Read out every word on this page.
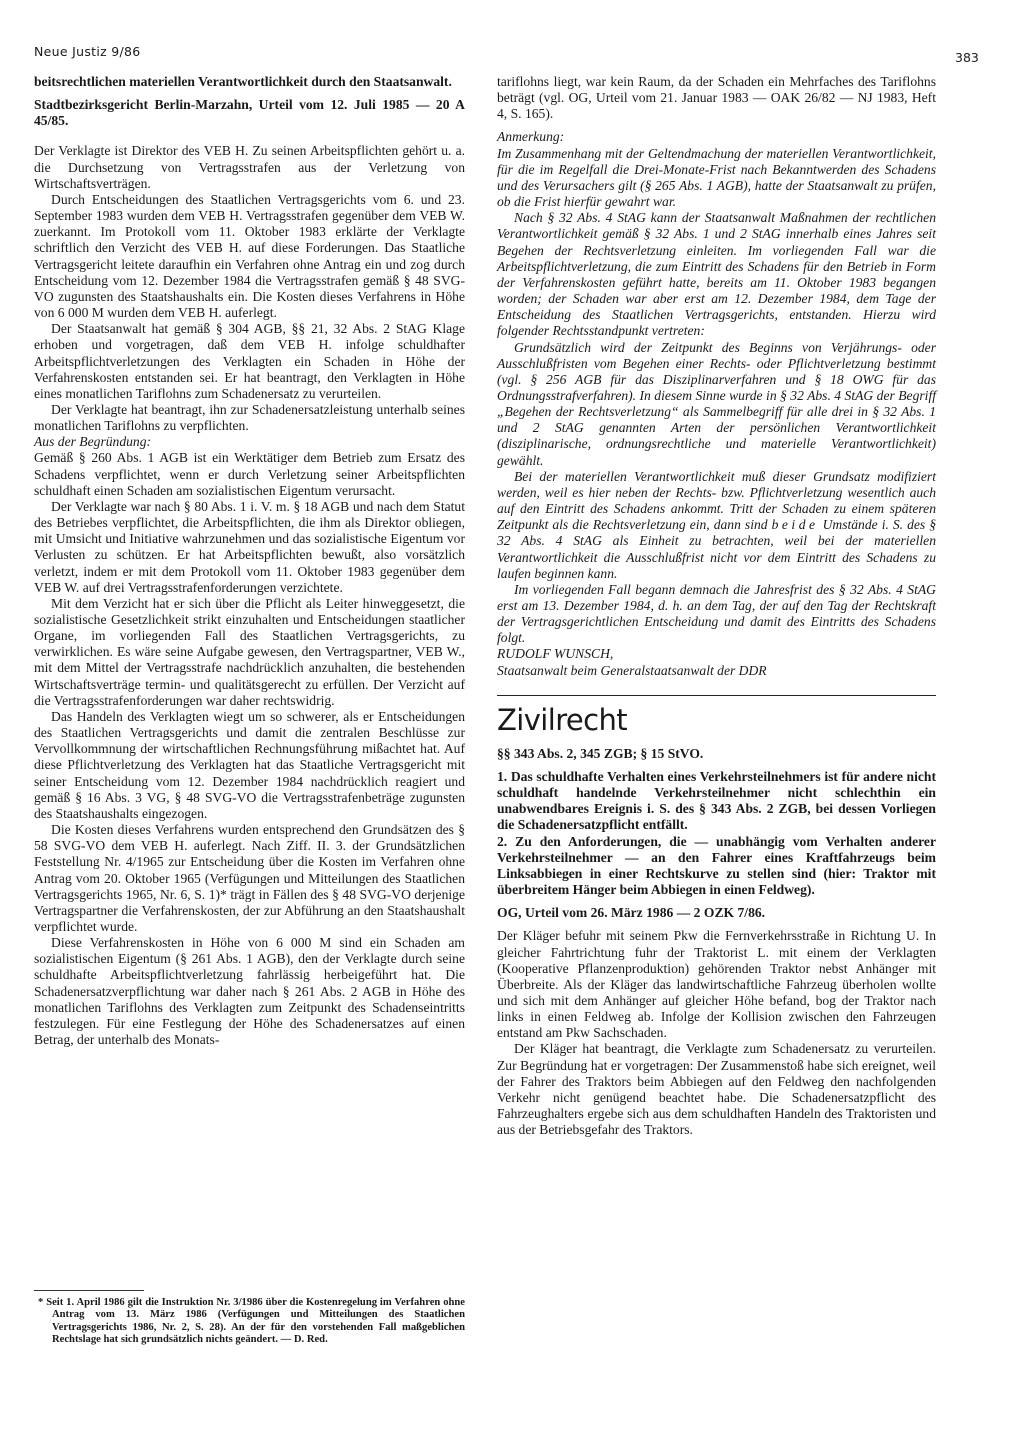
Neue Justiz 9/86	383

beitsrechtlichen materiellen Verantwortlichkeit durch den Staatsanwalt.

Stadtbezirksgericht Berlin-Marzahn, Urteil vom 12. Juli 1985 — 20 A 45/85.

Der Verklagte ist Direktor des VEB H. Zu seinen Arbeitspflichten gehört u. a. die Durchsetzung von Vertragsstrafen aus der Verletzung von Wirtschaftsverträgen.

Durch Entscheidungen des Staatlichen Vertragsgerichts vom 6. und 23. September 1983 wurden dem VEB H. Vertragsstrafen gegenüber dem VEB W. zuerkannt. Im Protokoll vom 11. Oktober 1983 erklärte der Verklagte schriftlich den Verzicht des VEB H. auf diese Forderungen. Das Staatliche Vertragsgericht leitete daraufhin ein Verfahren ohne Antrag ein und zog durch Entscheidung vom 12. Dezember 1984 die Vertragsstrafen gemäß § 48 SVG-VO zugunsten des Staatshaushalts ein. Die Kosten dieses Verfahrens in Höhe von 6 000 M wurden dem VEB H. auferlegt.

Der Staatsanwalt hat gemäß § 304 AGB, §§ 21, 32 Abs. 2 StAG Klage erhoben und vorgetragen, daß dem VEB H. infolge schuldhafter Arbeitspflichtverletzungen des Verklagten ein Schaden in Höhe der Verfahrenskosten entstanden sei. Er hat beantragt, den Verklagten in Höhe eines monatlichen Tariflohns zum Schadenersatz zu verurteilen.

Der Verklagte hat beantragt, ihn zur Schadenersatzleistung unterhalb seines monatlichen Tariflohns zu verpflichten.

Aus der Begründung:

Gemäß § 260 Abs. 1 AGB ist ein Werktätiger dem Betrieb zum Ersatz des Schadens verpflichtet, wenn er durch Verletzung seiner Arbeitspflichten schuldhaft einen Schaden am sozialistischen Eigentum verursacht.

Der Verklagte war nach § 80 Abs. 1 i. V. m. § 18 AGB und nach dem Statut des Betriebes verpflichtet, die Arbeitspflichten, die ihm als Direktor obliegen, mit Umsicht und Initiative wahrzunehmen und das sozialistische Eigentum vor Verlusten zu schützen. Er hat Arbeitspflichten bewußt, also vorsätzlich verletzt, indem er mit dem Protokoll vom 11. Oktober 1983 gegenüber dem VEB W. auf drei Vertragsstrafenforderungen verzichtete.

Mit dem Verzicht hat er sich über die Pflicht als Leiter hinweggesetzt, die sozialistische Gesetzlichkeit strikt einzuhalten und Entscheidungen staatlicher Organe, im vorliegenden Fall des Staatlichen Vertragsgerichts, zu verwirklichen. Es wäre seine Aufgabe gewesen, den Vertragspartner, VEB W., mit dem Mittel der Vertragsstrafe nachdrücklich anzuhalten, die bestehenden Wirtschaftsverträge termin- und qualitätsgerecht zu erfüllen. Der Verzicht auf die Vertragsstrafenforderungen war daher rechtswidrig.

Das Handeln des Verklagten wiegt um so schwerer, als er Entscheidungen des Staatlichen Vertragsgerichts und damit die zentralen Beschlüsse zur Vervollkommnung der wirtschaftlichen Rechnungsführung mißachtet hat. Auf diese Pflichtverletzung des Verklagten hat das Staatliche Vertragsgericht mit seiner Entscheidung vom 12. Dezember 1984 nachdrücklich reagiert und gemäß § 16 Abs. 3 VG, § 48 SVG-VO die Vertragsstrafenbeträge zugunsten des Staatshaushalts eingezogen.

Die Kosten dieses Verfahrens wurden entsprechend den Grundsätzen des § 58 SVG-VO dem VEB H. auferlegt. Nach Ziff. II. 3. der Grundsätzlichen Feststellung Nr. 4/1965 zur Entscheidung über die Kosten im Verfahren ohne Antrag vom 20. Oktober 1965 (Verfügungen und Mitteilungen des Staatlichen Vertragsgerichts 1965, Nr. 6, S. 1)* trägt in Fällen des § 48 SVG-VO derjenige Vertragspartner die Verfahrenskosten, der zur Abführung an den Staatshaushalt verpflichtet wurde.

Diese Verfahrenskosten in Höhe von 6 000 M sind ein Schaden am sozialistischen Eigentum (§ 261 Abs. 1 AGB), den der Verklagte durch seine schuldhafte Arbeitspflichtverletzung fahrlässig herbeigeführt hat. Die Schadenersatzverpflichtung war daher nach § 261 Abs. 2 AGB in Höhe des monatlichen Tariflohns des Verklagten zum Zeitpunkt des Schadenseintritts festzulegen. Für eine Festlegung der Höhe des Schadenersatzes auf einen Betrag, der unterhalb des Monats-

* Seit 1. April 1986 gilt die Instruktion Nr. 3/1986 über die Kostenregelung im Verfahren ohne Antrag vom 13. März 1986 (Verfügungen und Mitteilungen des Staatlichen Vertragsgerichts 1986, Nr. 2, S. 28). An der für den vorstehenden Fall maßgeblichen Rechtslage hat sich grundsätzlich nichts geändert. — D. Red.

tariflohns liegt, war kein Raum, da der Schaden ein Mehrfaches des Tariflohns beträgt (vgl. OG, Urteil vom 21. Januar 1983 — OAK 26/82 — NJ 1983, Heft 4, S. 165).

Anmerkung:

Im Zusammenhang mit der Geltendmachung der materiellen Verantwortlichkeit, für die im Regelfall die Drei-Monate-Frist nach Bekanntwerden des Schadens und des Verursachers gilt (§ 265 Abs. 1 AGB), hatte der Staatsanwalt zu prüfen, ob die Frist hierfür gewahrt war.

Nach § 32 Abs. 4 StAG kann der Staatsanwalt Maßnahmen der rechtlichen Verantwortlichkeit gemäß § 32 Abs. 1 und 2 StAG innerhalb eines Jahres seit Begehen der Rechtsverletzung einleiten. Im vorliegenden Fall war die Arbeitspflichtverletzung, die zum Eintritt des Schadens für den Betrieb in Form der Verfahrenskosten geführt hatte, bereits am 11. Oktober 1983 begangen worden; der Schaden war aber erst am 12. Dezember 1984, dem Tage der Entscheidung des Staatlichen Vertragsgerichts, entstanden. Hierzu wird folgender Rechtsstandpunkt vertreten:

Grundsätzlich wird der Zeitpunkt des Beginns von Verjährungs- oder Ausschlußfristen vom Begehen einer Rechts- oder Pflichtverletzung bestimmt (vgl. § 256 AGB für das Disziplinarverfahren und § 18 OWG für das Ordnungsstrafverfahren). In diesem Sinne wurde in § 32 Abs. 4 StAG der Begriff „Begehen der Rechtsverletzung“ als Sammelbegriff für alle drei in § 32 Abs. 1 und 2 StAG genannten Arten der persönlichen Verantwortlichkeit (disziplinarische, ordnungsrechtliche und materielle Verantwortlichkeit) gewählt.

Bei der materiellen Verantwortlichkeit muß dieser Grundsatz modifiziert werden, weil es hier neben der Rechts- bzw. Pflichtverletzung wesentlich auch auf den Eintritt des Schadens ankommt. Tritt der Schaden zu einem späteren Zeitpunkt als die Rechtsverletzung ein, dann sind beide Umstände i. S. des § 32 Abs. 4 StAG als Einheit zu betrachten, weil bei der materiellen Verantwortlichkeit die Ausschlußfrist nicht vor dem Eintritt des Schadens zu laufen beginnen kann.

Im vorliegenden Fall begann demnach die Jahresfrist des § 32 Abs. 4 StAG erst am 13. Dezember 1984, d. h. an dem Tag, der auf den Tag der Rechtskraft der Vertragsgerichtlichen Entscheidung und damit des Eintritts des Schadens folgt.

RUDOLF WUNSCH,

Staatsanwalt beim Generalstaatsanwalt der DDR

Zivilrecht

§§ 343 Abs. 2, 345 ZGB; § 15 StVO.

1. Das schuldhafte Verhalten eines Verkehrsteilnehmers ist für andere nicht schuldhaft handelnde Verkehrsteilnehmer nicht schlechthin ein unabwendbares Ereignis i. S. des § 343 Abs. 2 ZGB, bei dessen Vorliegen die Schadenersatzpflicht entfällt.

2. Zu den Anforderungen, die — unabhängig vom Verhalten anderer Verkehrsteilnehmer — an den Fahrer eines Kraftfahrzeugs beim Linksabbiegen in einer Rechtskurve zu stellen sind (hier: Traktor mit überbreitem Hänger beim Abbiegen in einen Feldweg).

OG, Urteil vom 26. März 1986 — 2 OZK 7/86.

Der Kläger befuhr mit seinem Pkw die Fernverkehrsstraße in Richtung U. In gleicher Fahrtrichtung fuhr der Traktorist L. mit einem der Verklagten (Kooperative Pflanzenproduktion) gehörenden Traktor nebst Anhänger mit Überbreite. Als der Kläger das landwirtschaftliche Fahrzeug überholen wollte und sich mit dem Anhänger auf gleicher Höhe befand, bog der Traktor nach links in einen Feldweg ab. Infolge der Kollision zwischen den Fahrzeugen entstand am Pkw Sachschaden.

Der Kläger hat beantragt, die Verklagte zum Schadenersatz zu verurteilen. Zur Begründung hat er vorgetragen: Der Zusammenstoß habe sich ereignet, weil der Fahrer des Traktors beim Abbiegen auf den Feldweg den nachfolgenden Verkehr nicht genügend beachtet habe. Die Schadenersatzpflicht des Fahrzeughalters ergebe sich aus dem schuldhaften Handeln des Traktoristen und aus der Betriebsgefahr des Traktors.
